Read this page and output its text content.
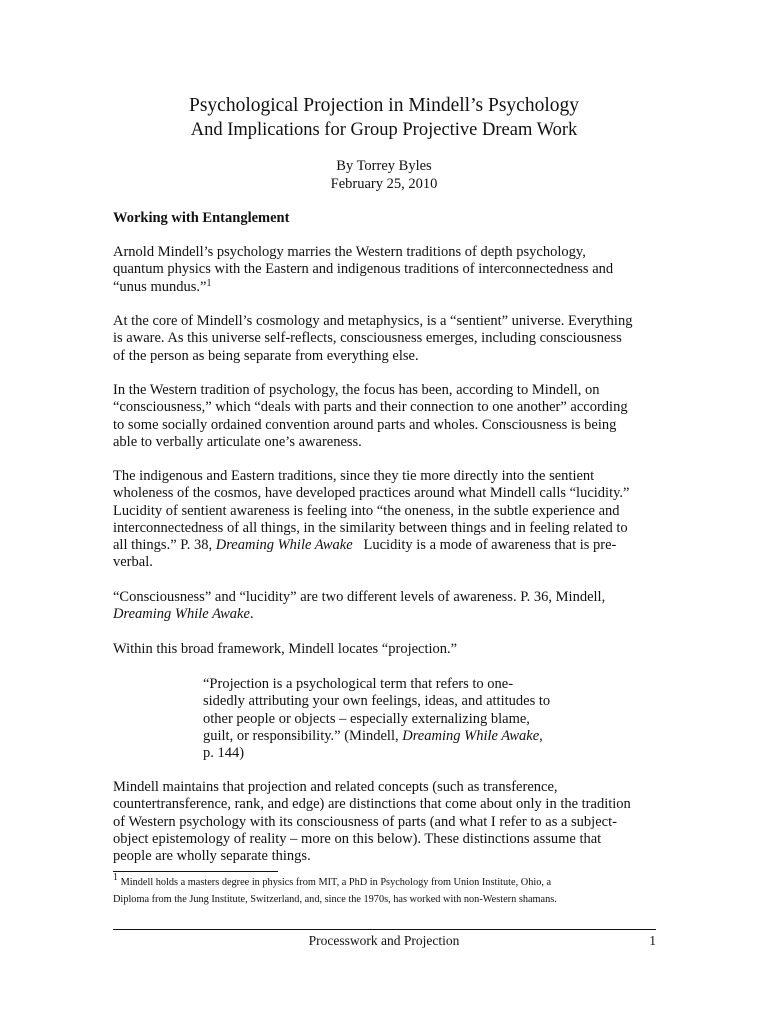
Psychological Projection in Mindell’s Psychology
And Implications for Group Projective Dream Work
By Torrey Byles
February 25, 2010
Working with Entanglement
Arnold Mindell’s psychology marries the Western traditions of depth psychology,
quantum physics with the Eastern and indigenous traditions of interconnectedness and
“unus mundus.”$^1$
At the core of Mindell’s cosmology and metaphysics, is a “sentient” universe. Everything
is aware. As this universe self-reflects, consciousness emerges, including consciousness
of the person as being separate from everything else.
In the Western tradition of psychology, the focus has been, according to Mindell, on
“consciousness,” which “deals with parts and their connection to one another” according
to some socially ordained convention around parts and wholes. Consciousness is being
able to verbally articulate one’s awareness.
The indigenous and Eastern traditions, since they tie more directly into the sentient
wholeness of the cosmos, have developed practices around what Mindell calls “lucidity.”
Lucidity of sentient awareness is feeling into “the oneness, in the subtle experience and
interconnectedness of all things, in the similarity between things and in feeling related to
all things.” P. 38, Dreaming While Awake   Lucidity is a mode of awareness that is pre-
verbal.
“Consciousness” and “lucidity” are two different levels of awareness. P. 36, Mindell,
Dreaming While Awake.
Within this broad framework, Mindell locates “projection.”
“Projection is a psychological term that refers to one-
sidedly attributing your own feelings, ideas, and attitudes to
other people or objects – especially externalizing blame,
guilt, or responsibility.” (Mindell, Dreaming While Awake,
p. 144)
Mindell maintains that projection and related concepts (such as transference,
countertransference, rank, and edge) are distinctions that come about only in the tradition
of Western psychology with its consciousness of parts (and what I refer to as a subject-
object epistemology of reality – more on this below). These distinctions assume that
people are wholly separate things.
$^1$ Mindell holds a masters degree in physics from MIT, a PhD in Psychology from Union Institute, Ohio, a
Diploma from the Jung Institute, Switzerland, and, since the 1970s, has worked with non-Western shamans.
Processwork and Projection	1
